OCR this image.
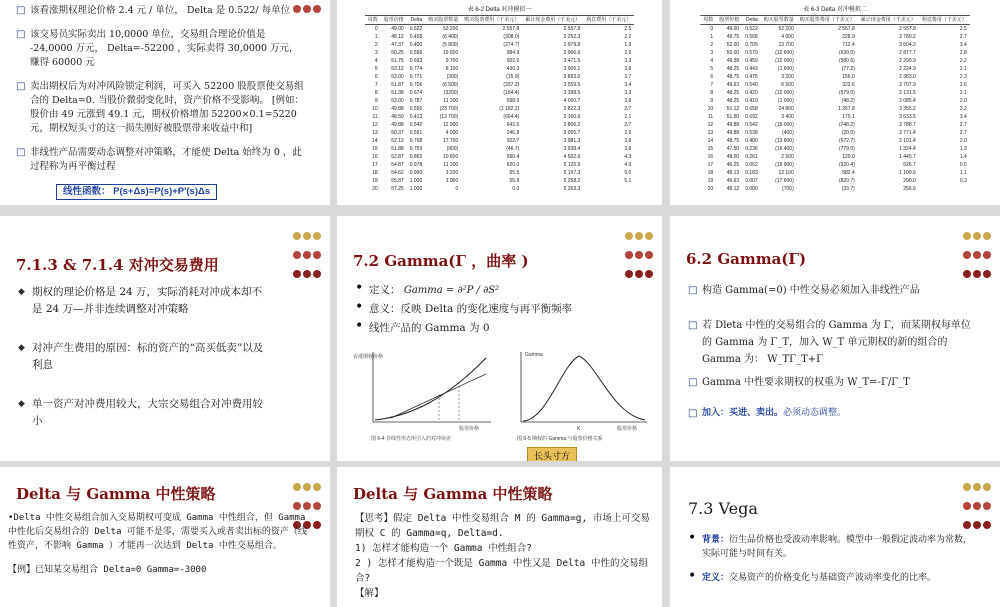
□ 该看涨期权理论价格 2.4 元 / 单位， Delta 是 0.522/ 每单位
□ 该交易员实际卖出 10,0000 单位，交易组合理论价值是 -24,0000 万元， Delta=-52200 ，实际卖得 30,0000 万元，赚得 60000 元
□ 卖出期权后为对冲风险锁定利润，可买入 52200 股股票使交易组合的 Delta=0. 当股价微弱变化时，资产价格不受影响。 [例如：股价由 49 元涨到 49.1 元，期权价格增加 52200×0.1=5220 元，期权短头寸的这一损失刚好被股票带来收益中和]
□ 非线性产品需要动态调整对冲策略，才能使 Delta 始终为 0 ，此过程称为再平衡过程
线性函数： P(s+Δs)=P(s)+P'(s)Δs
表 6-2 Delta 对冲模拟一
周数	股票价格	Delta	购买股票数量	购买股票费用（千美元）	累计现金费用（千美元）	利息费用（千美元）
0	49.00	0.522	52 200	2 557.8	2 557.8	2.5
1	48.12	0.458	(6 400)	(308.0)	2 252.3	2.2
2	47.37	0.400	(5 800)	(274.7)	1 979.8	1.9
3	50.25	0.596	19 600	984.9	2 966.6	2.9
4	51.75	0.693	9 700	502.0	3 471.5	3.3
5	53.12	0.774	8 100	430.3	3 905.1	3.8
6	53.00	0.771	(300)	(15.9)	3 893.0	3.7
7	51.87	0.706	(6 500)	(337.2)	3 559.5	3.4
8	51.38	0.674	(3200)	(164.4)	3 398.5	3.3
9	53.00	0.787	11 300	598.9	4 000.7	3.8
10	49.88	0.550	(23 700)	(1 182.2)	2 822.3	2.7
11	48.50	0.413	(13 700)	(664.4)	2 160.6	2.1
12	49.88	0.542	12 900	643.5	2 806.2	2.7
13	50.37	0.591	4 900	246.8	3 055.7	2.9
14	52.13	0.768	17 700	922.7	3 981.3	3.8
15	51.88	0.759	(900)	(46.7)	3 938.4	3.8
16	52.87	0.865	10 600	560.4	4 502.6	4.3
17	54.87	0.978	11 300	620.0	5 126.9	4.9
18	54.62	0.990	1 200	65.5	5 197.3	5.0
19	55.87	1.000	1 000	55.9	5 258.2	5.1
20	57.25	1.000	0	0.0	5 263.3	
表 6-3 Delta 对冲模拟二
周数	股票价格	Delta	购买股票数量	购买股票费用（千美元）	累计现金费用（千美元）	利息费用（千美元）
0	49.00	0.522	52 200	2 557.8	2 557.8	2.5
1	49.75	0.568	4 600	228.9	2 789.2	2.7
2	52.00	0.705	13 700	712.4	3 504.3	3.4
3	50.00	0.579	(12 600)	(630.0)	2 877.7	2.8
4	48.38	0.459	(12 000)	(580.6)	2 299.9	2.2
5	48.25	0.443	(1 600)	(77.2)	2 224.9	2.1
6	48.75	0.475	3 200	156.0	2 383.0	2.3
7	49.63	0.540	6 500	322.6	2 707.9	2.6
8	48.25	0.420	(12 000)	(579.0)	2 131.5	2.1
9	48.25	0.410	(1 000)	(48.2)	2 085.4	2.0
10	51.12	0.658	24 800	1 267.8	3 355.2	3.2
11	51.50	0.692	3 400	175.1	3 533.5	3.4
12	49.88	0.542	(15 000)	(748.2)	2 788.7	2.7
13	49.88	0.538	(400)	(20.0)	2 771.4	2.7
14	48.75	0.400	(13 800)	(672.7)	2 101.4	2.0
15	47.50	0.236	(16 400)	(779.0)	1 324.4	1.3
16	48.00	0.261	2 500	120.0	1 445.7	1.4
17	46.25	0.062	(19 900)	(920.4)	526.7	0.5
18	48.13	0.183	12 100	582.4	1 109.6	1.1
19	46.63	0.007	(17 600)	(820.7)	290.0	0.3
20	48.12	0.000	(700)	(33.7)	256.6	
7.1.3 & 7.1.4 对冲交易费用
◆ 期权的理论价格是 24 万，实际消耗对冲成本却不是 24 万—并非连续调整对冲策略
◆ 对冲产生费用的原因：标的资产的“高买低卖”以及利息
◆ 单一资产对冲费用较大，大宗交易组合对冲费用较小
7.2 Gamma(Γ ，曲率 )
• 定义： Gamma = ∂²P / ∂S²
• 意义：反映 Delta 的变化速度与再平衡频率
• 线性产品的 Gamma 为 0
看涨期权价格
股票价格
图 6-4 非线性形态所引入的对冲误差
Gamma
K	股票价格
图 6-5 期权的 Gamma 与股票价格关系
长头寸方
6.2 Gamma(Γ)
□ 构造 Gamma(=0) 中性交易必须加入非线性产品
□ 若 Dleta 中性的交易组合的 Gamma 为 Γ，而某期权每单位的 Gamma 为 Γ_T，加入 W_T 单元期权的新的组合的 Gamma 为： W_TΓ_T+Γ
□ Gamma 中性要求期权的权重为 W_T=-Γ/Γ_T
□ 加入：买进、卖出。必须动态调整。
Delta 与 Gamma 中性策略
•Delta 中性交易组合加入交易期权可变成 Gamma 中性组合，但 Gamma 中性化后交易组合的 Delta 可能不是零，需要买入或者卖出标的资产（线性资产，不影响 Gamma ）才能再一次达到 Delta 中性交易组合。
【例】已知某交易组合 Delta=0 Gamma=-3000
Delta 与 Gamma 中性策略
【思考】假定 Delta 中性交易组合 M 的 Gamma=g, 市场上可交易期权 C 的 Gamma=q, Delta=d.
1) 怎样才能构造一个 Gamma 中性组合?
2 ) 怎样才能构造一个既是 Gamma 中性又是 Delta 中性的交易组合?
【解】
7.3 Vega
• 背景：衍生品价格也受波动率影响。模型中一般假定波动率为常数，实际可能与时间有关。
• 定义：交易资产的价格变化与基础资产波动率变化的比率。
